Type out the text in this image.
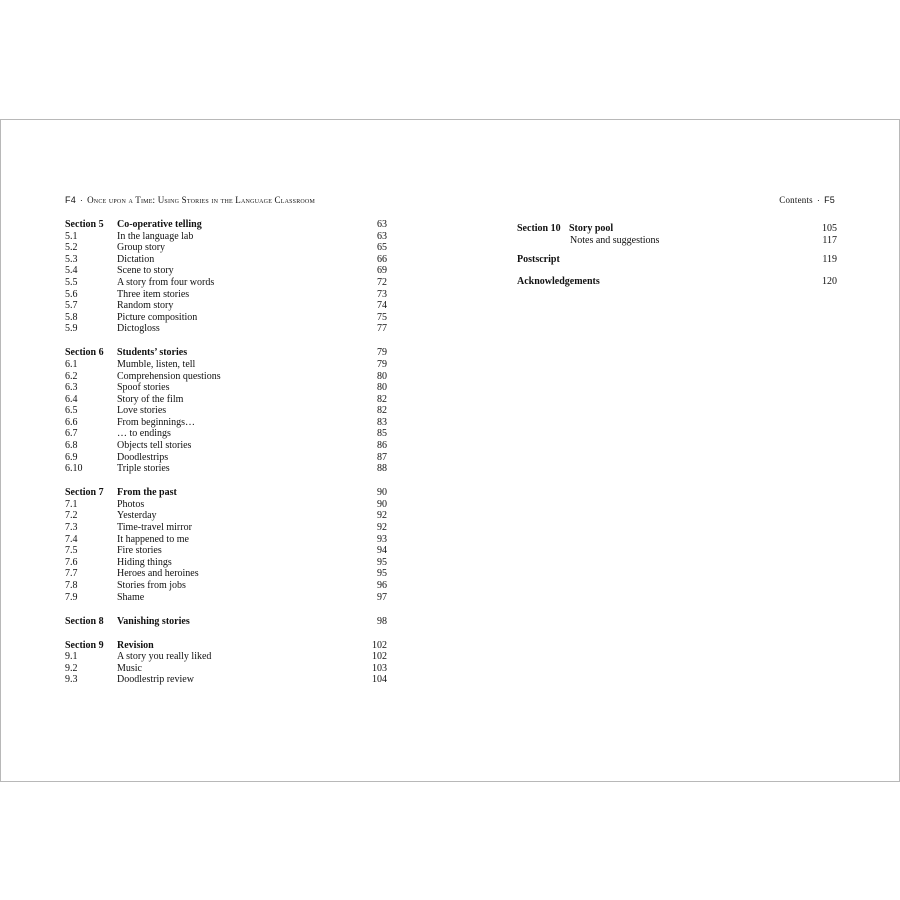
F4 · Once upon a Time: Using Stories in the Language Classroom	Contents · F5
Section 5 Co-operative telling	63
5.1	In the language lab	63
5.2	Group story	65
5.3	Dictation	66
5.4	Scene to story	69
5.5	A story from four words	72
5.6	Three item stories	73
5.7	Random story	74
5.8	Picture composition	75
5.9	Dictogloss	77
Section 6 Students’ stories	79
6.1	Mumble, listen, tell	79
6.2	Comprehension questions	80
6.3	Spoof stories	80
6.4	Story of the film	82
6.5	Love stories	82
6.6	From beginnings…	83
6.7	… to endings	85
6.8	Objects tell stories	86
6.9	Doodlestrips	87
6.10	Triple stories	88
Section 7 From the past	90
7.1	Photos	90
7.2	Yesterday	92
7.3	Time-travel mirror	92
7.4	It happened to me	93
7.5	Fire stories	94
7.6	Hiding things	95
7.7	Heroes and heroines	95
7.8	Stories from jobs	96
7.9	Shame	97
Section 8 Vanishing stories	98
Section 9 Revision	102
9.1	A story you really liked	102
9.2	Music	103
9.3	Doodlestrip review	104
Section 10 Story pool	105
Notes and suggestions	117
Postscript	119
Acknowledgements	120
